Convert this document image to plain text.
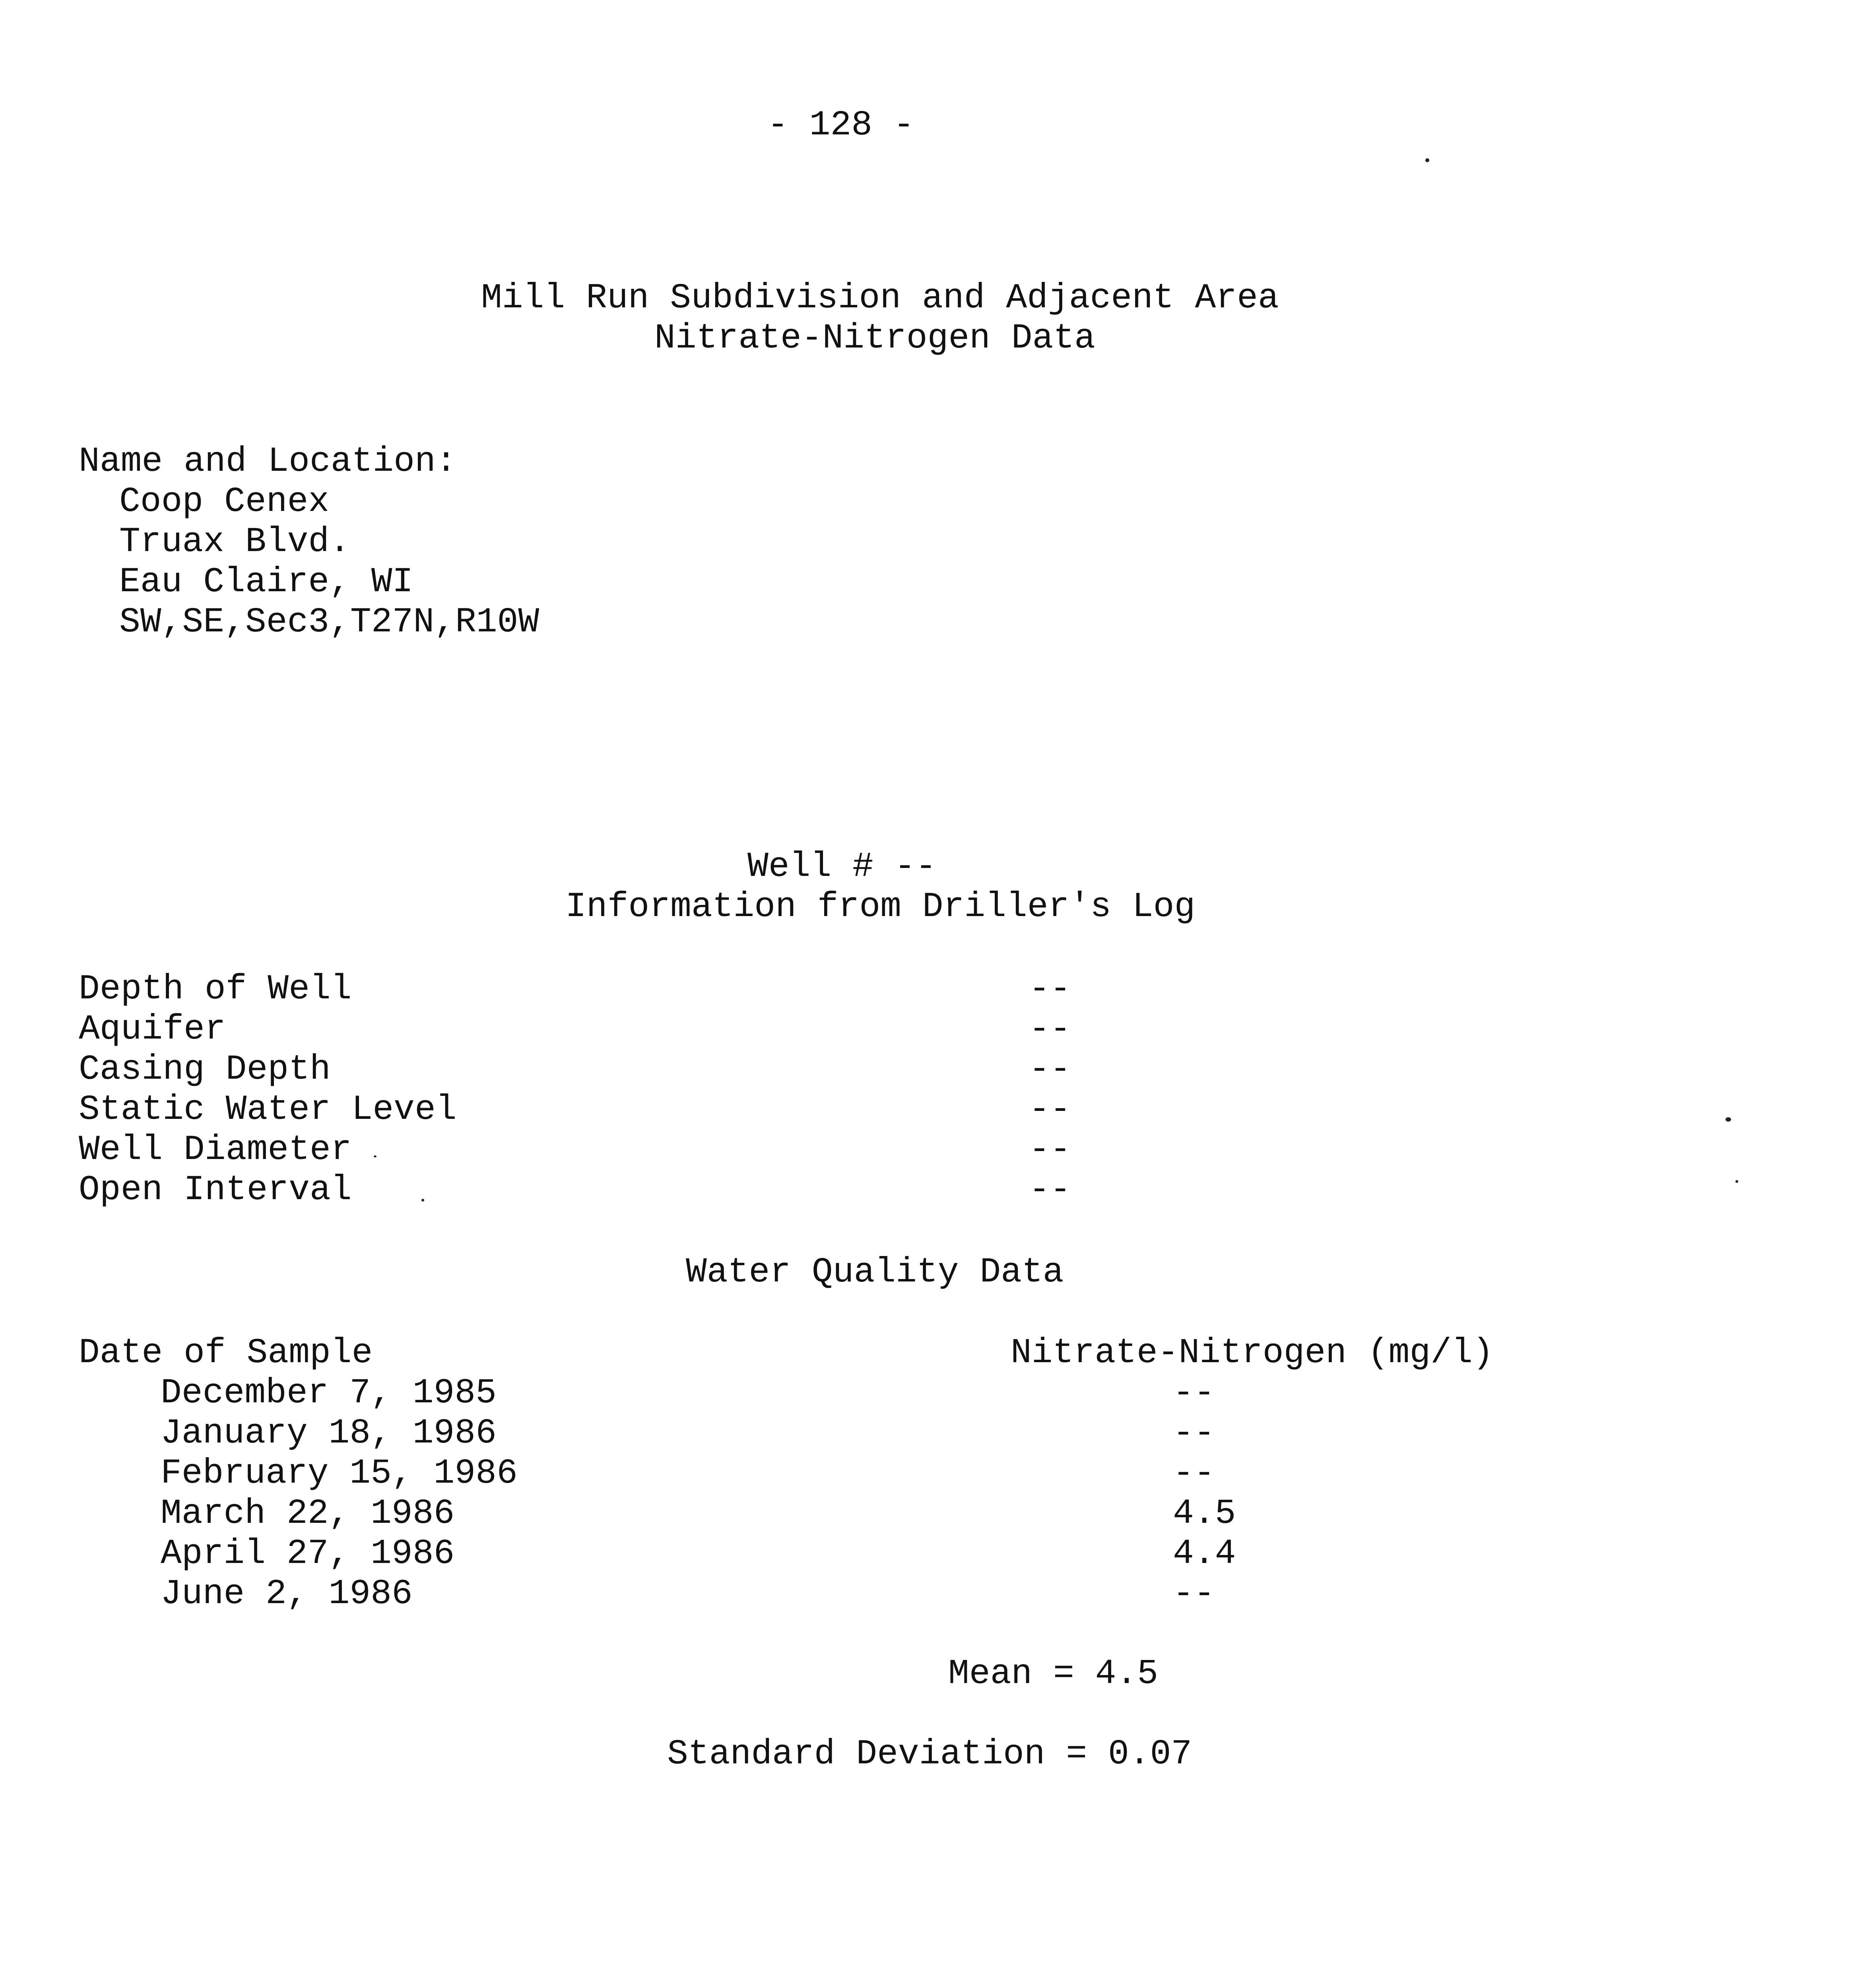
- 128 -
Mill Run Subdivision and Adjacent Area
Nitrate-Nitrogen Data
Name and Location:
Coop Cenex
Truax Blvd.
Eau Claire, WI
SW,SE,Sec3,T27N,R10W
Well # --
Information from Driller's Log
Depth of Well	--
Aquifer	--
Casing Depth	--
Static Water Level	--
Well Diameter	--
Open Interval	--
Water Quality Data
Date of Sample	Nitrate-Nitrogen (mg/l)
December 7, 1985	--
January 18, 1986	--
February 15, 1986	--
March 22, 1986	4.5
April 27, 1986	4.4
June 2, 1986	--
Mean = 4.5
Standard Deviation = 0.07
